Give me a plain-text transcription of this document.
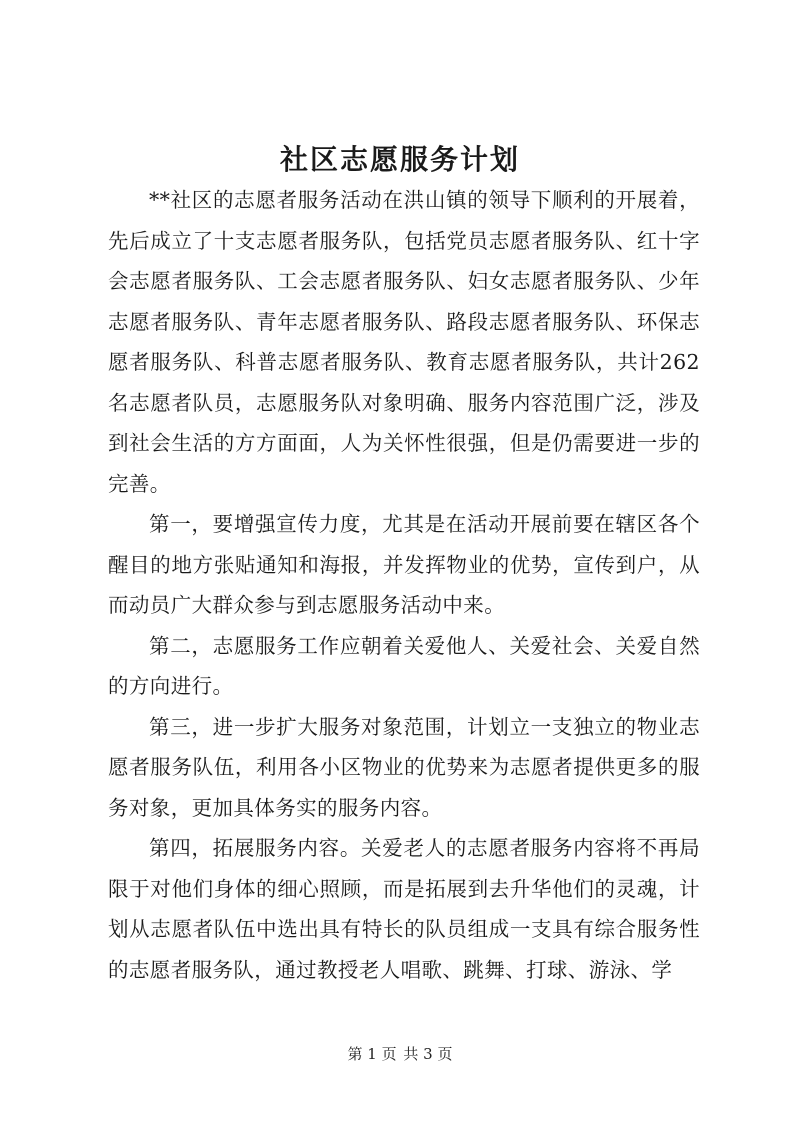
社区志愿服务计划

**社区的志愿者服务活动在洪山镇的领导下顺利的开展着，先后成立了十支志愿者服务队，包括党员志愿者服务队、红十字会志愿者服务队、工会志愿者服务队、妇女志愿者服务队、少年志愿者服务队、青年志愿者服务队、路段志愿者服务队、环保志愿者服务队、科普志愿者服务队、教育志愿者服务队，共计262名志愿者队员，志愿服务队对象明确、服务内容范围广泛，涉及到社会生活的方方面面，人为关怀性很强，但是仍需要进一步的完善。

第一，要增强宣传力度，尤其是在活动开展前要在辖区各个醒目的地方张贴通知和海报，并发挥物业的优势，宣传到户，从而动员广大群众参与到志愿服务活动中来。

第二，志愿服务工作应朝着关爱他人、关爱社会、关爱自然的方向进行。

第三，进一步扩大服务对象范围，计划立一支独立的物业志愿者服务队伍，利用各小区物业的优势来为志愿者提供更多的服务对象，更加具体务实的服务内容。

第四，拓展服务内容。关爱老人的志愿者服务内容将不再局限于对他们身体的细心照顾，而是拓展到去升华他们的灵魂，计划从志愿者队伍中选出具有特长的队员组成一支具有综合服务性的志愿者服务队，通过教授老人唱歌、跳舞、打球、游泳、学

第 1 页 共 3 页
